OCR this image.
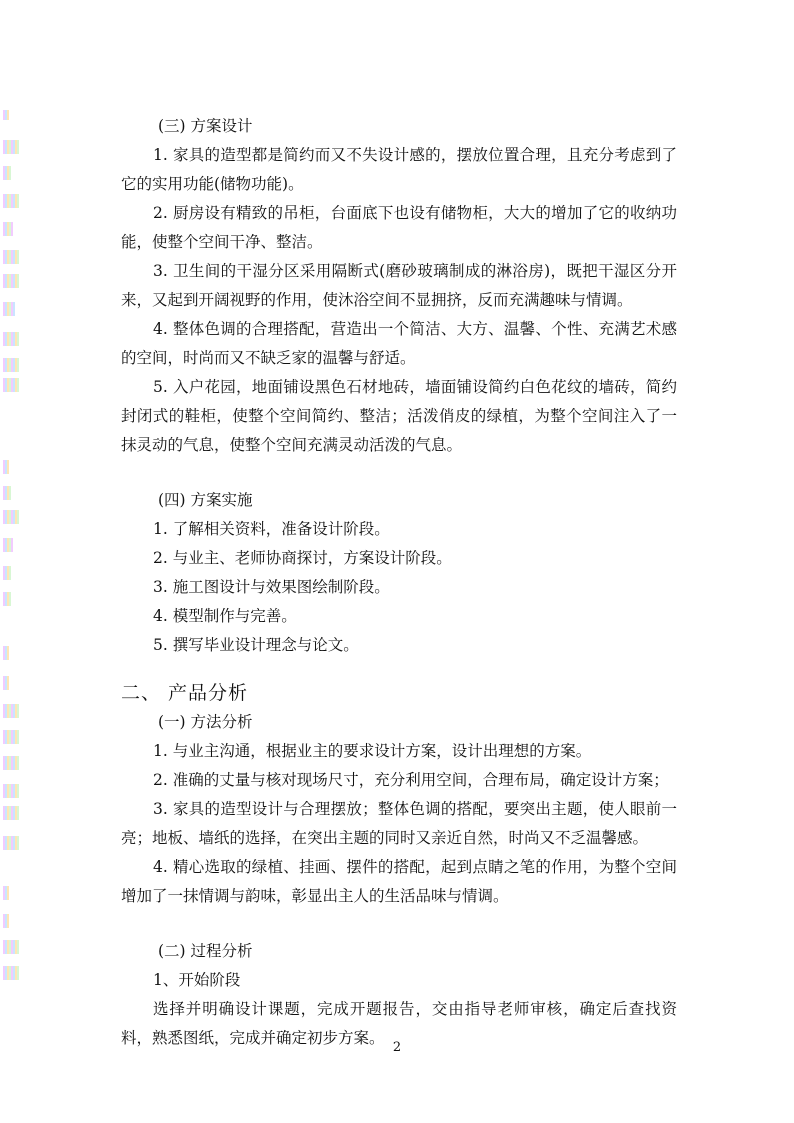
(三) 方案设计
1. 家具的造型都是简约而又不失设计感的，摆放位置合理，且充分考虑到了它的实用功能(储物功能)。
2. 厨房设有精致的吊柜，台面底下也设有储物柜，大大的增加了它的收纳功能，使整个空间干净、整洁。
3. 卫生间的干湿分区采用隔断式(磨砂玻璃制成的淋浴房)，既把干湿区分开来，又起到开阔视野的作用，使沐浴空间不显拥挤，反而充满趣味与情调。
4. 整体色调的合理搭配，营造出一个简洁、大方、温馨、个性、充满艺术感的空间，时尚而又不缺乏家的温馨与舒适。
5. 入户花园，地面铺设黑色石材地砖，墙面铺设简约白色花纹的墙砖，简约封闭式的鞋柜，使整个空间简约、整洁；活泼俏皮的绿植，为整个空间注入了一抹灵动的气息，使整个空间充满灵动活泼的气息。
(四) 方案实施
1. 了解相关资料，准备设计阶段。
2. 与业主、老师协商探讨，方案设计阶段。
3. 施工图设计与效果图绘制阶段。
4. 模型制作与完善。
5. 撰写毕业设计理念与论文。
二、 产品分析
(一) 方法分析
1. 与业主沟通，根据业主的要求设计方案，设计出理想的方案。
2. 准确的丈量与核对现场尺寸，充分利用空间，合理布局，确定设计方案；
3. 家具的造型设计与合理摆放；整体色调的搭配，要突出主题，使人眼前一亮；地板、墙纸的选择，在突出主题的同时又亲近自然，时尚又不乏温馨感。
4. 精心选取的绿植、挂画、摆件的搭配，起到点睛之笔的作用，为整个空间增加了一抹情调与韵味，彰显出主人的生活品味与情调。
(二) 过程分析
1、开始阶段
选择并明确设计课题，完成开题报告，交由指导老师审核，确定后查找资料，熟悉图纸，完成并确定初步方案。
2
